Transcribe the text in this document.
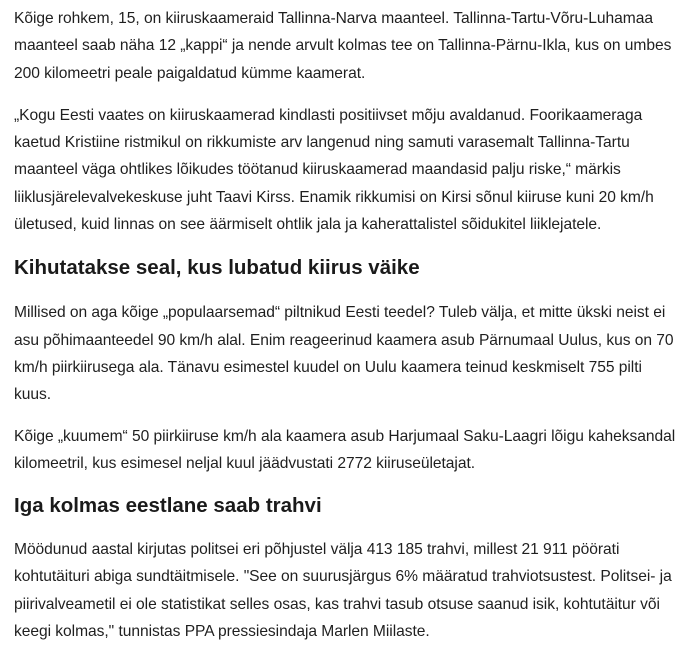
Kõige rohkem, 15, on kiiruskaameraid Tallinna-Narva maanteel. Tallinna-Tartu-Võru-Luhamaa maanteel saab näha 12 „kappi“ ja nende arvult kolmas tee on Tallinna-Pärnu-Ikla, kus on umbes 200 kilomeetri peale paigaldatud kümme kaamerat.

„Kogu Eesti vaates on kiiruskaamerad kindlasti positiivset mõju avaldanud. Foorikaameraga kaetud Kristiine ristmikul on rikkumiste arv langenud ning samuti varasemalt Tallinna-Tartu maanteel väga ohtlikes lõikudes töötanud kiiruskaamerad maandasid palju riske,“ märkis liiklusjärelevalvekeskuse juht Taavi Kirss. Enamik rikkumisi on Kirsi sõnul kiiruse kuni 20 km/h ületused, kuid linnas on see äärmiselt ohtlik jala ja kaherattalistel sõidukitel liiklejatele.

Kihutatakse seal, kus lubatud kiirus väike

Millised on aga kõige „populaarsemad“ piltnikud Eesti teedel? Tuleb välja, et mitte ükski neist ei asu põhimaanteedel 90 km/h alal. Enim reageerinud kaamera asub Pärnumaal Uulus, kus on 70 km/h piirkiirusega ala. Tänavu esimestel kuudel on Uulu kaamera teinud keskmiselt 755 pilti kuus.

Kõige „kuumem“ 50 piirkiiruse km/h ala kaamera asub Harjumaal Saku-Laagri lõigu kaheksandal kilomeetril, kus esimesel neljal kuul jäädvustati 2772 kiiruseületajat.

Iga kolmas eestlane saab trahvi

Möödunud aastal kirjutas politsei eri põhjustel välja 413 185 trahvi, millest 21 911 pöörati kohtutäituri abiga sundtäitmisele. "See on suurusjärgus 6% määratud trahviotsustest. Politsei- ja piirivalveametil ei ole statistikat selles osas, kas trahvi tasub otsuse saanud isik, kohtutäitur või keegi kolmas," tunnistas PPA pressiesindaja Marlen Miilaste.
